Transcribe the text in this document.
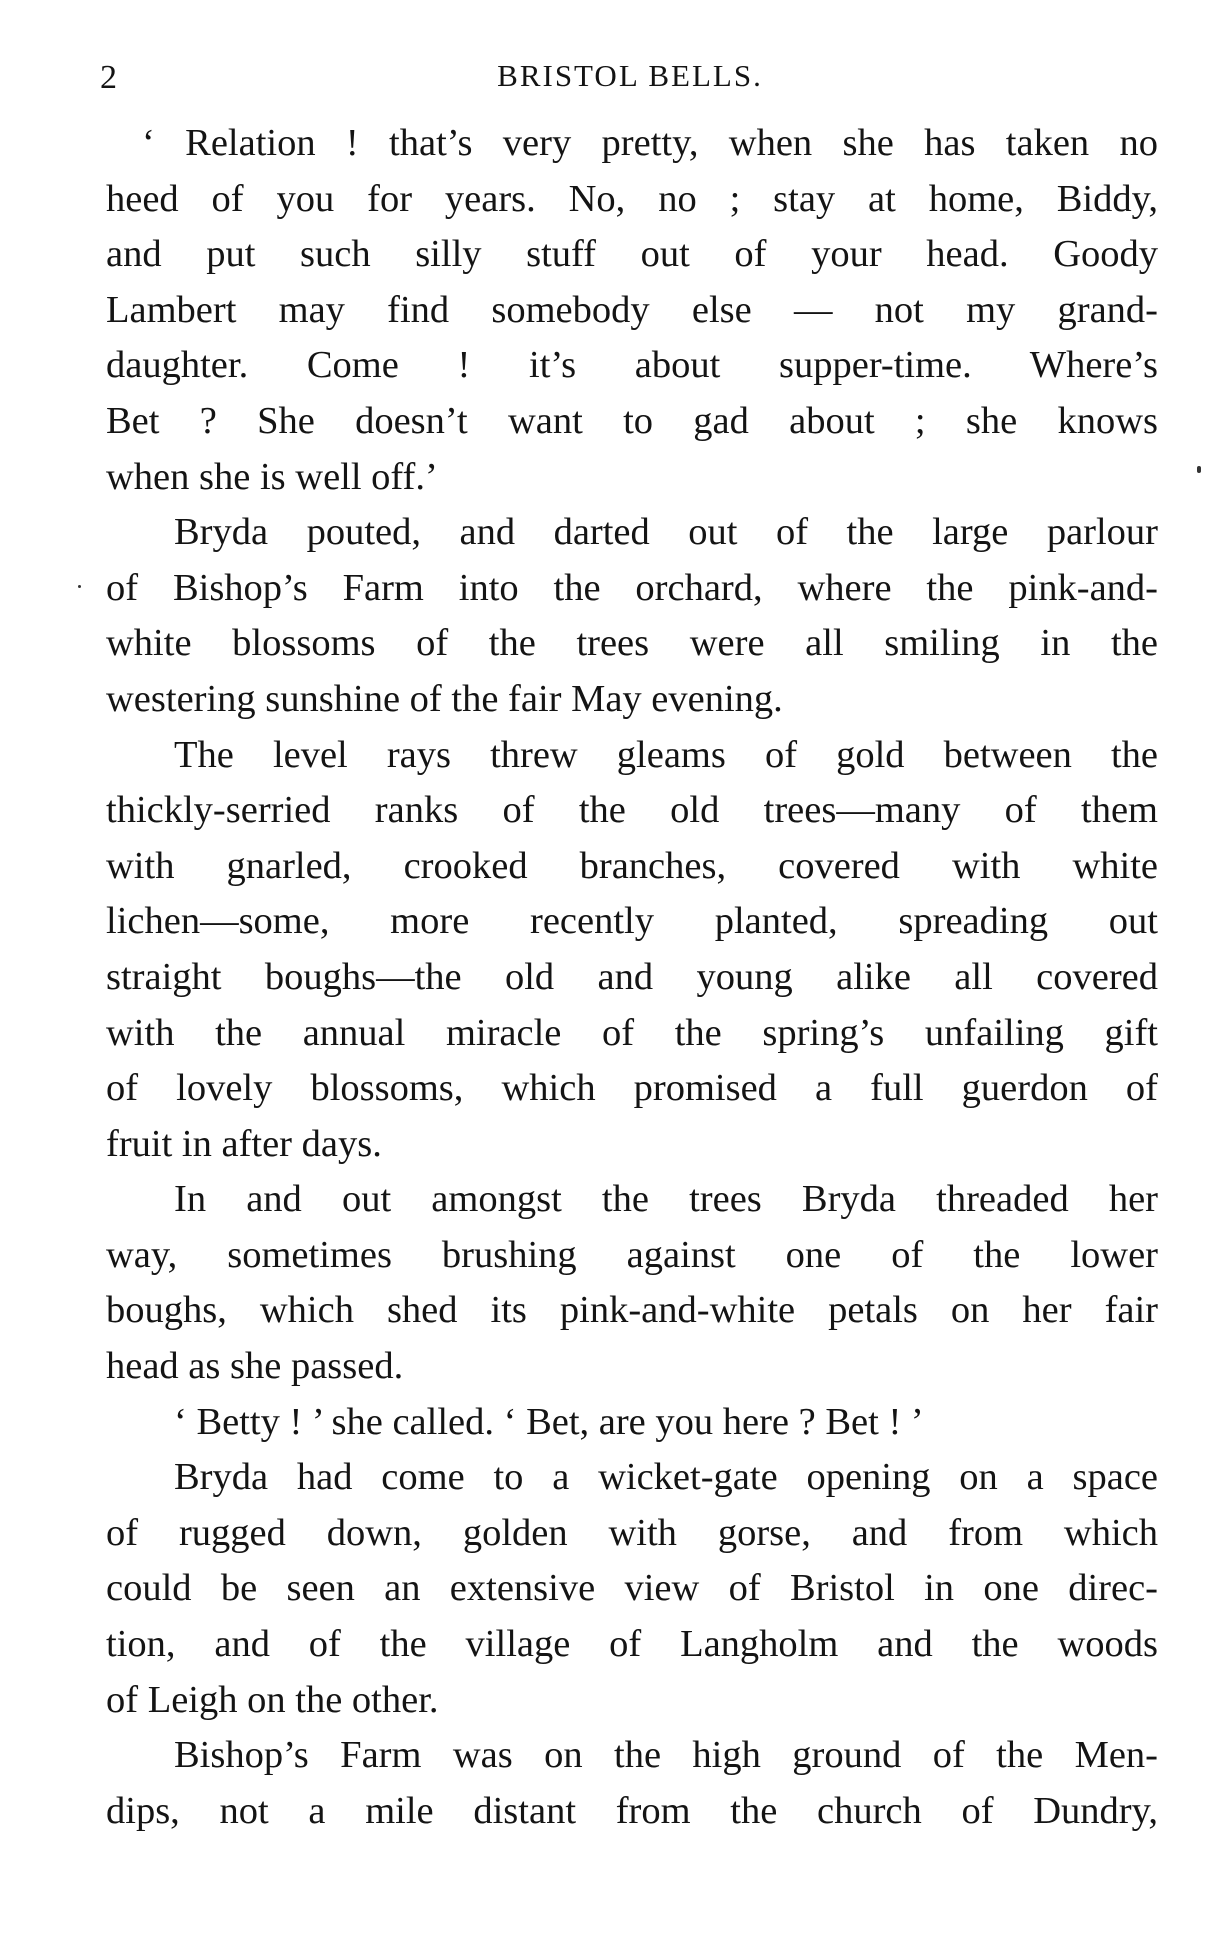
2	BRISTOL BELLS.
‘ Relation ! that’s very pretty, when she has taken no
heed of you for years. No, no ; stay at home, Biddy,
and put such silly stuff out of your head. Goody
Lambert may find somebody else — not my grand-
daughter. Come ! it’s about supper-time. Where’s
Bet ? She doesn’t want to gad about ; she knows
when she is well off.’
Bryda pouted, and darted out of the large parlour
of Bishop’s Farm into the orchard, where the pink-and-
white blossoms of the trees were all smiling in the
westering sunshine of the fair May evening.
The level rays threw gleams of gold between the
thickly-serried ranks of the old trees—many of them
with gnarled, crooked branches, covered with white
lichen—some, more recently planted, spreading out
straight boughs—the old and young alike all covered
with the annual miracle of the spring’s unfailing gift
of lovely blossoms, which promised a full guerdon of
fruit in after days.
In and out amongst the trees Bryda threaded her
way, sometimes brushing against one of the lower
boughs, which shed its pink-and-white petals on her fair
head as she passed.
‘ Betty ! ’ she called. ‘ Bet, are you here ? Bet ! ’
Bryda had come to a wicket-gate opening on a space
of rugged down, golden with gorse, and from which
could be seen an extensive view of Bristol in one direc-
tion, and of the village of Langholm and the woods
of Leigh on the other.
Bishop’s Farm was on the high ground of the Men-
dips, not a mile distant from the church of Dundry,
